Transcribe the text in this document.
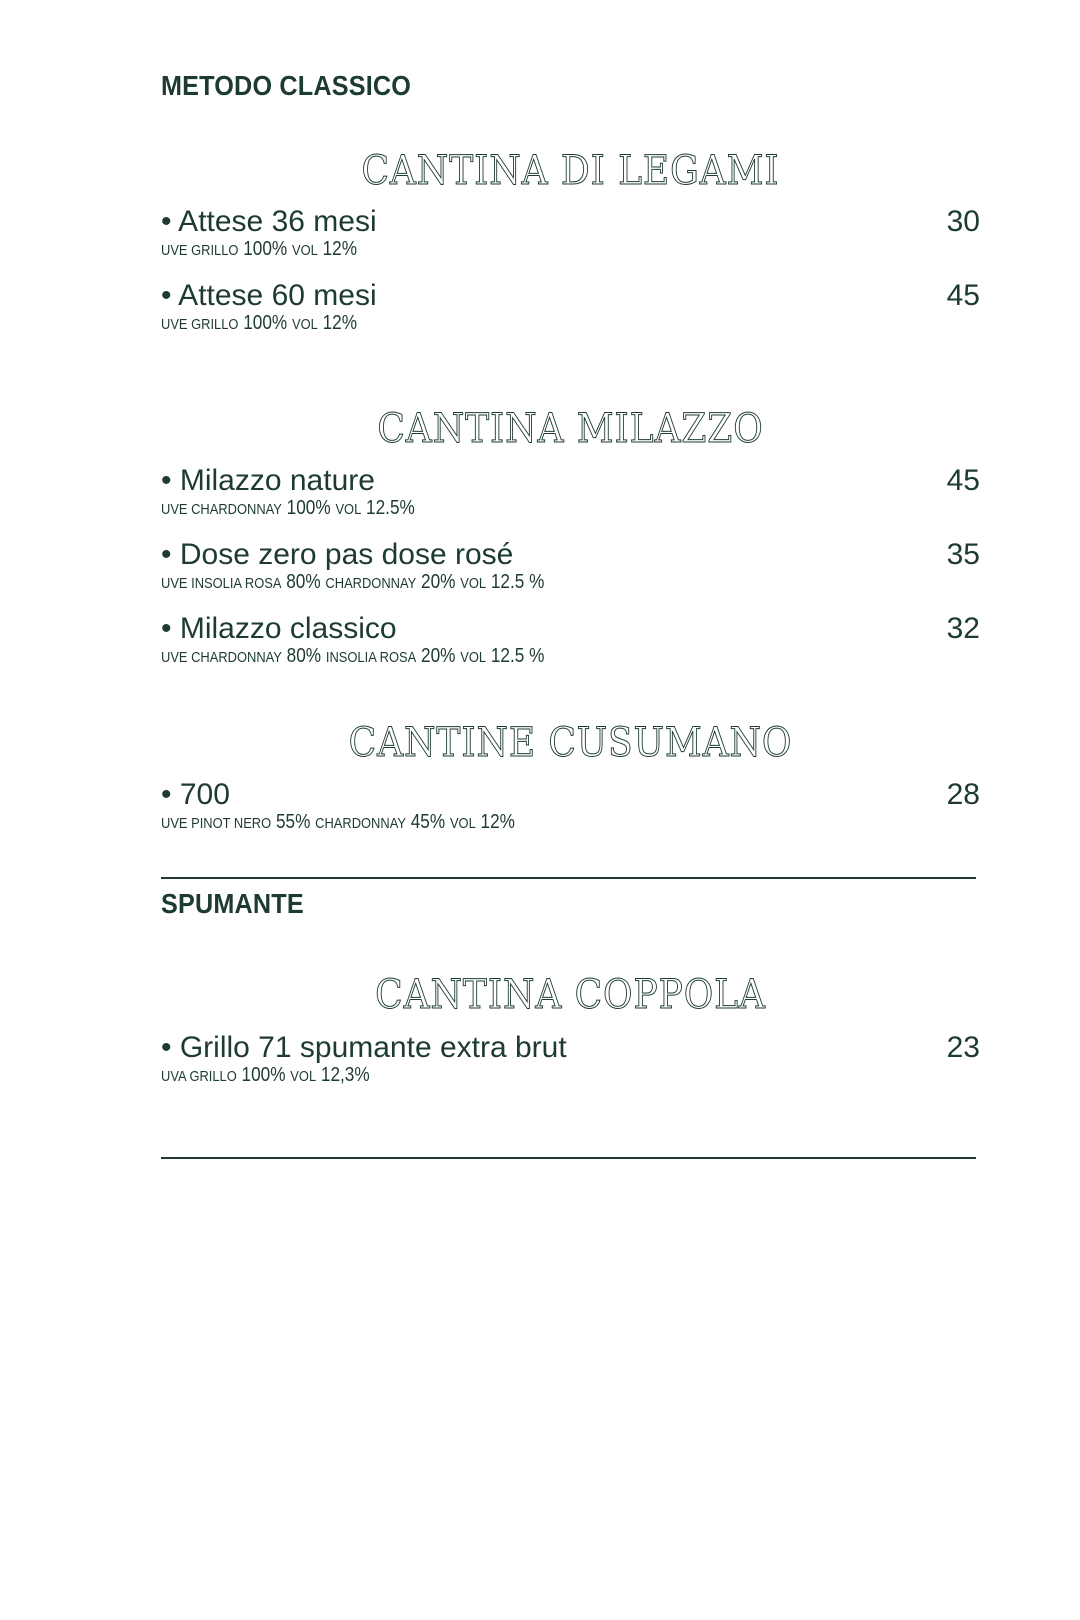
METODO CLASSICO
CANTINA DI LEGAMI
• Attese 36 mesi	30
UVE GRILLO 100% VOL 12%
• Attese 60 mesi	45
UVE GRILLO 100% VOL 12%
CANTINA MILAZZO
• Milazzo nature	45
UVE CHARDONNAY 100% VOL 12.5%
• Dose zero pas dose rosé	35
UVE INSOLIA ROSA 80% CHARDONNAY 20% VOL 12.5 %
• Milazzo classico	32
UVE CHARDONNAY 80% INSOLIA ROSA 20% VOL 12.5 %
CANTINE CUSUMANO
• 700	28
UVE PINOT NERO 55% CHARDONNAY 45% VOL 12%
SPUMANTE
CANTINA COPPOLA
• Grillo 71 spumante extra brut	23
UVA GRILLO 100% VOL 12,3%
